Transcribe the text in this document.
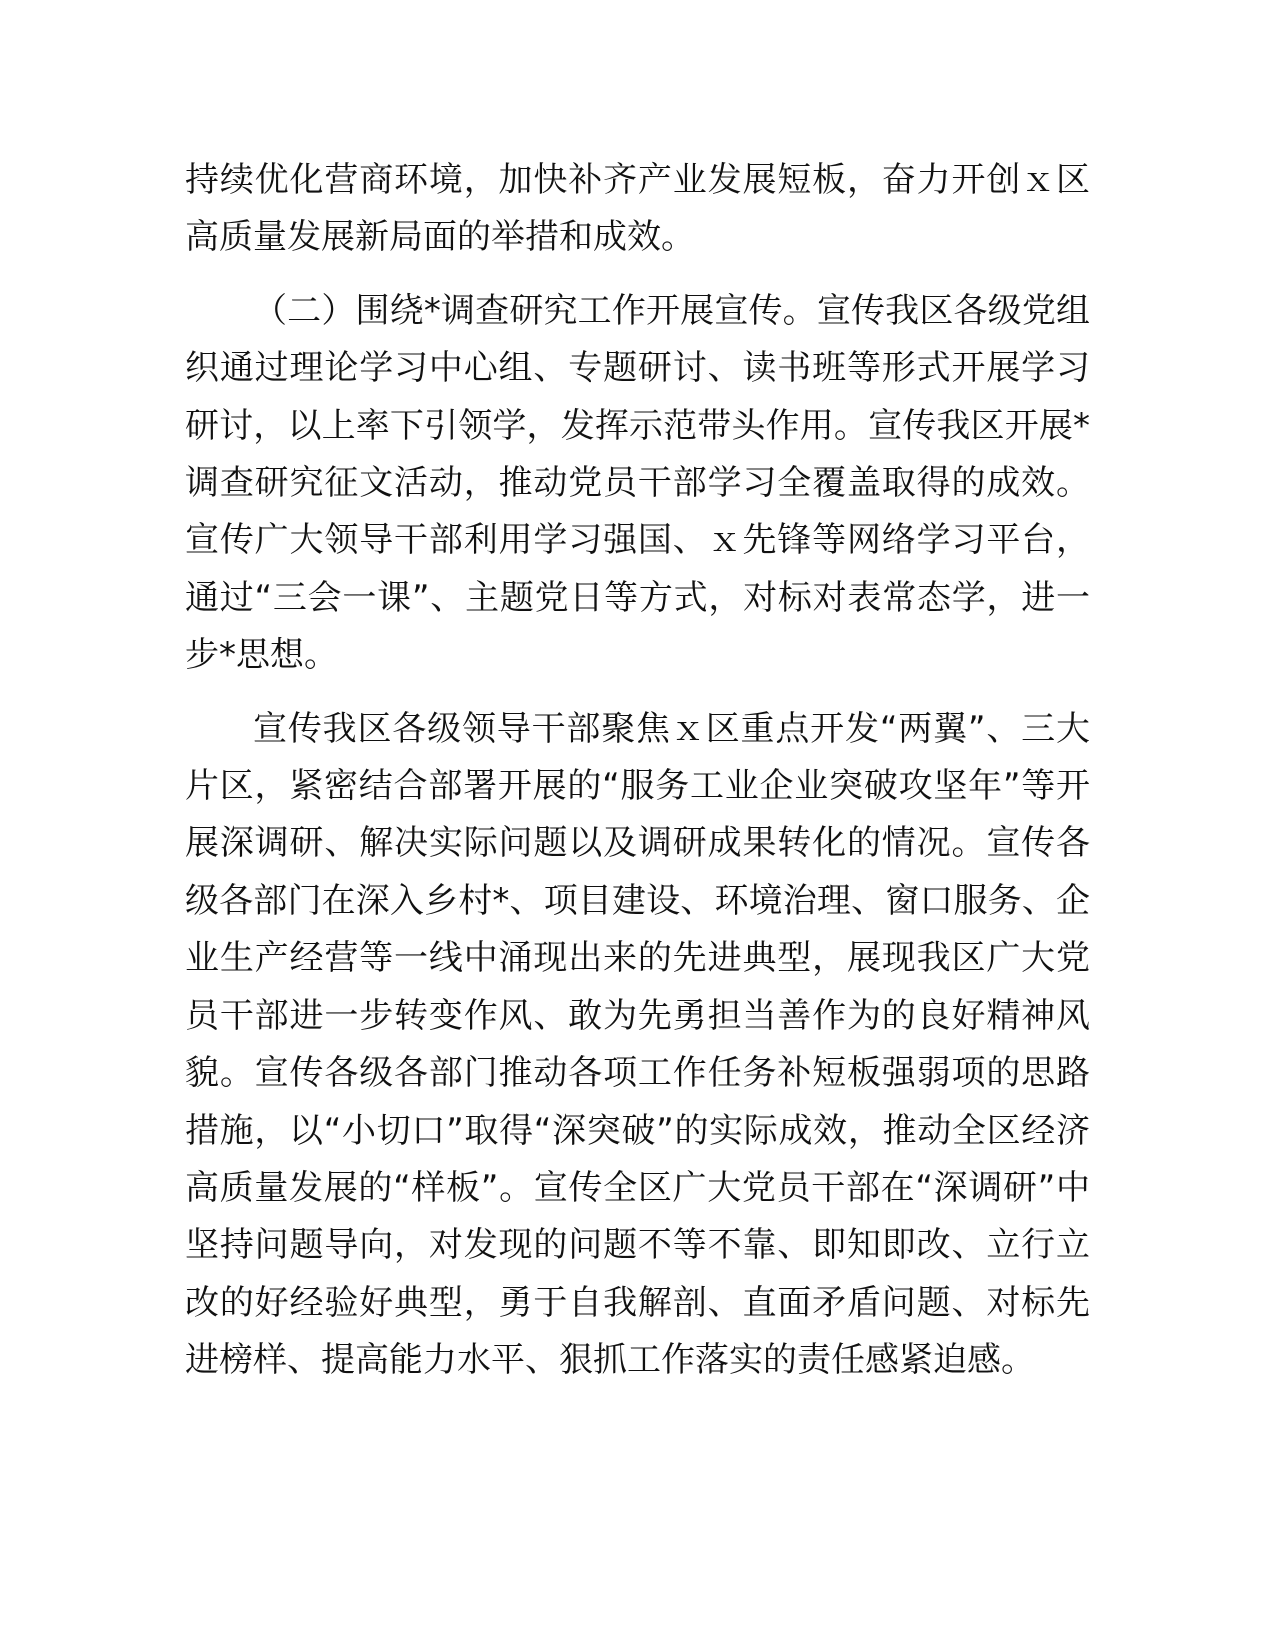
持续优化营商环境，加快补齐产业发展短板，奋力开创ｘ区高质量发展新局面的举措和成效。

（二）围绕*调查研究工作开展宣传。宣传我区各级党组织通过理论学习中心组、专题研讨、读书班等形式开展学习研讨，以上率下引领学，发挥示范带头作用。宣传我区开展*调查研究征文活动，推动党员干部学习全覆盖取得的成效。宣传广大领导干部利用学习强国、ｘ先锋等网络学习平台，通过“三会一课”、主题党日等方式，对标对表常态学，进一步*思想。

宣传我区各级领导干部聚焦ｘ区重点开发“两翼”、三大片区，紧密结合部署开展的“服务工业企业突破攻坚年”等开展深调研、解决实际问题以及调研成果转化的情况。宣传各级各部门在深入乡村*、项目建设、环境治理、窗口服务、企业生产经营等一线中涌现出来的先进典型，展现我区广大党员干部进一步转变作风、敢为先勇担当善作为的良好精神风貌。宣传各级各部门推动各项工作任务补短板强弱项的思路措施，以“小切口”取得“深突破”的实际成效，推动全区经济高质量发展的“样板”。宣传全区广大党员干部在“深调研”中坚持问题导向，对发现的问题不等不靠、即知即改、立行立改的好经验好典型，勇于自我解剖、直面矛盾问题、对标先进榜样、提高能力水平、狠抓工作落实的责任感紧迫感。
